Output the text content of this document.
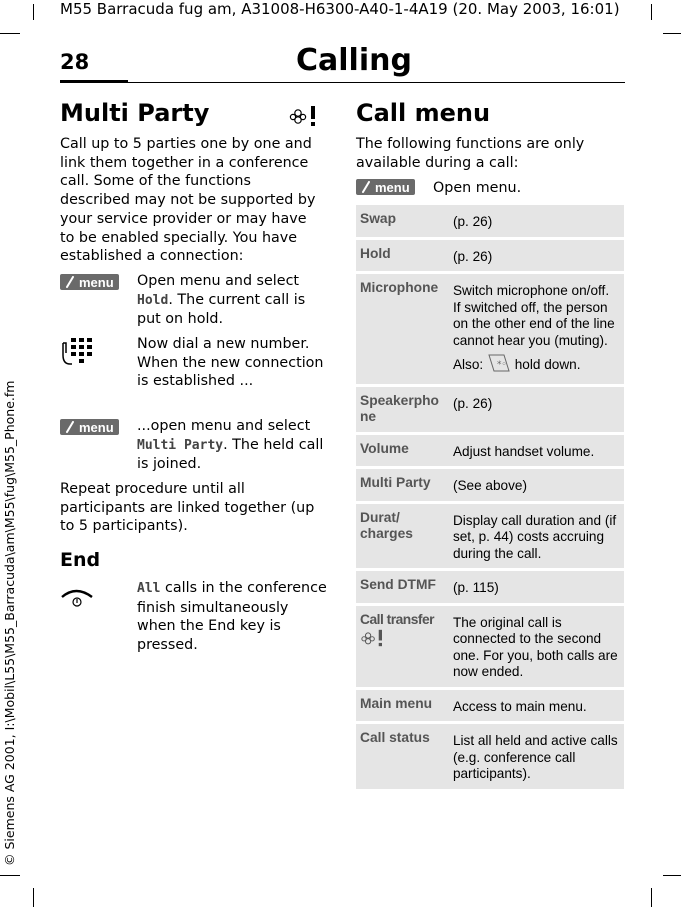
M55 Barracuda fug am, A31008-H6300-A40-1-4A19 (20. May 2003, 16:01)
© Siemens AG 2001, I:\Mobil\L55\M55_Barracuda\am\M55\fug\M55_Phone.fm
28	Calling
Multi Party
Call up to 5 parties one by one and link them together in a conference call. Some of the functions described may not be supported by your service provider or may have to be enabled specially. You have established a connection:
menu Open menu and select Hold. The current call is put on hold.
Now dial a new number. When the new connection is established ...
menu ...open menu and select Multi Party. The held call is joined.
Repeat procedure until all participants are linked together (up to 5 participants).
End
All calls in the conference finish simultaneously when the End key is pressed.
Call menu
The following functions are only available during a call:
menu Open menu.
Swap	(p. 26)
Hold	(p. 26)
Microphone	Switch microphone on/off. If switched off, the person on the other end of the line cannot hear you (muting).
Also: *◦ hold down.

Speakerphone	(p. 26)
Volume	Adjust handset volume.
Multi Party	(See above)
Durat/ charges	Display call duration and (if set, p. 44) costs accruing during the call.
Send DTMF	(p. 115)

Call transfer	The original call is connected to the second one. For you, both calls are now ended.
Main menu	Access to main menu.
Call status	List all held and active calls (e.g. conference call participants).
